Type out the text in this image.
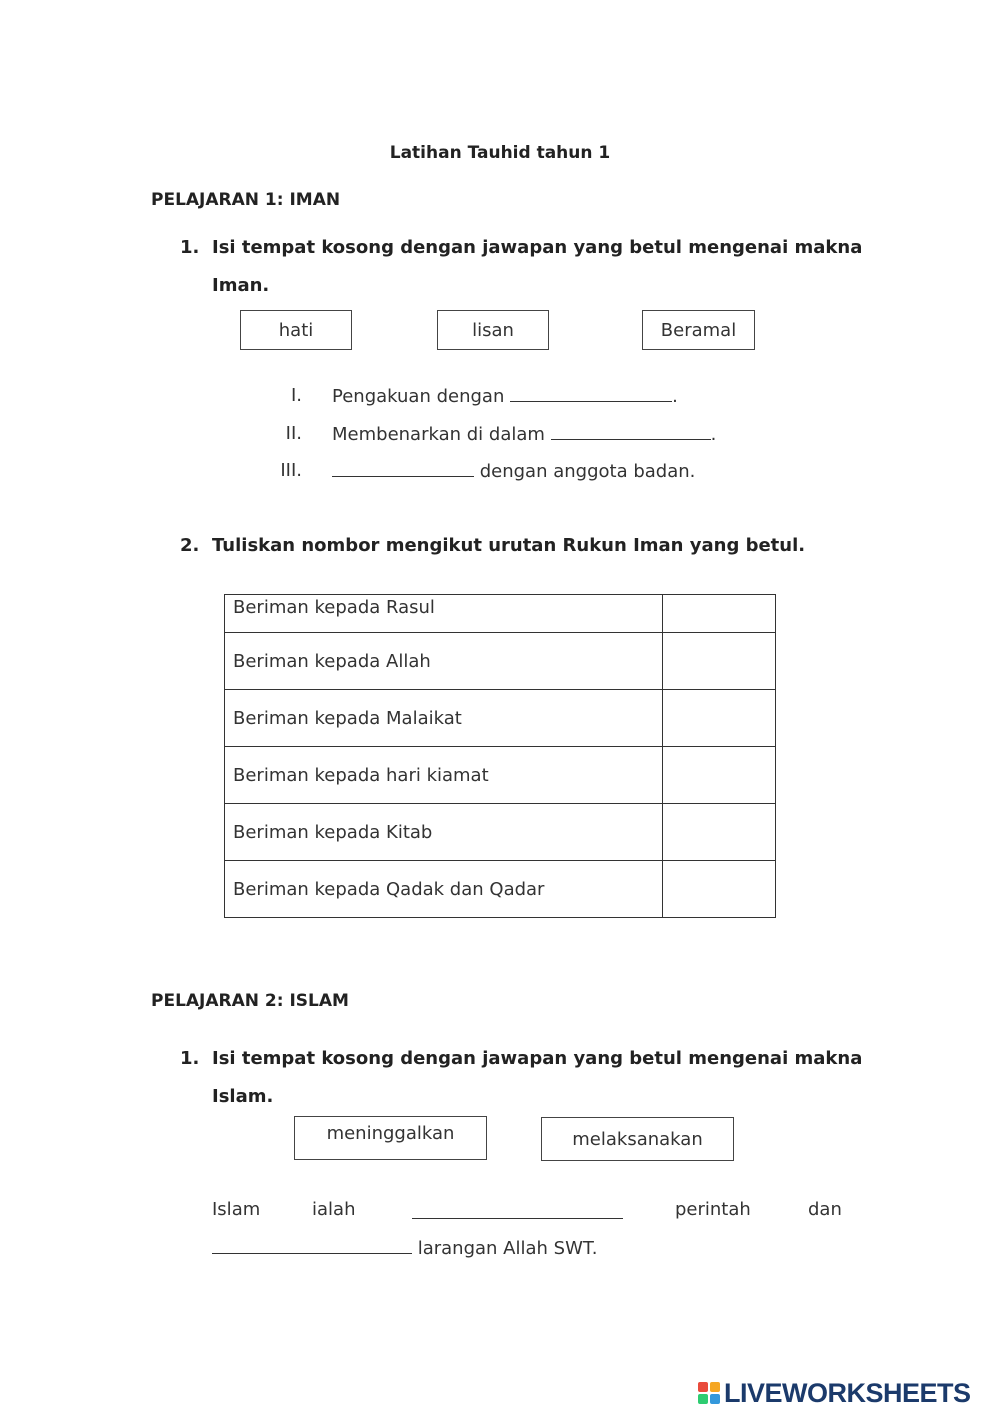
Latihan Tauhid tahun 1
PELAJARAN 1: IMAN
1. Isi tempat kosong dengan jawapan yang betul mengenai makna
Iman.
hati	lisan	Beramal
I. Pengakuan dengan	.
II. Membenarkan di dalam	.
III.	dengan anggota badan.
2. Tuliskan nombor mengikut urutan Rukun Iman yang betul.
Beriman kepada Rasul	
Beriman kepada Allah	
Beriman kepada Malaikat	
Beriman kepada hari kiamat	
Beriman kepada Kitab	
Beriman kepada Qadak dan Qadar	
PELAJARAN 2: ISLAM
1. Isi tempat kosong dengan jawapan yang betul mengenai makna
Islam.
meninggalkan	melaksanakan
Islam	ialah	perintah	dan
larangan Allah SWT.
LIVEWORKSHEETS
